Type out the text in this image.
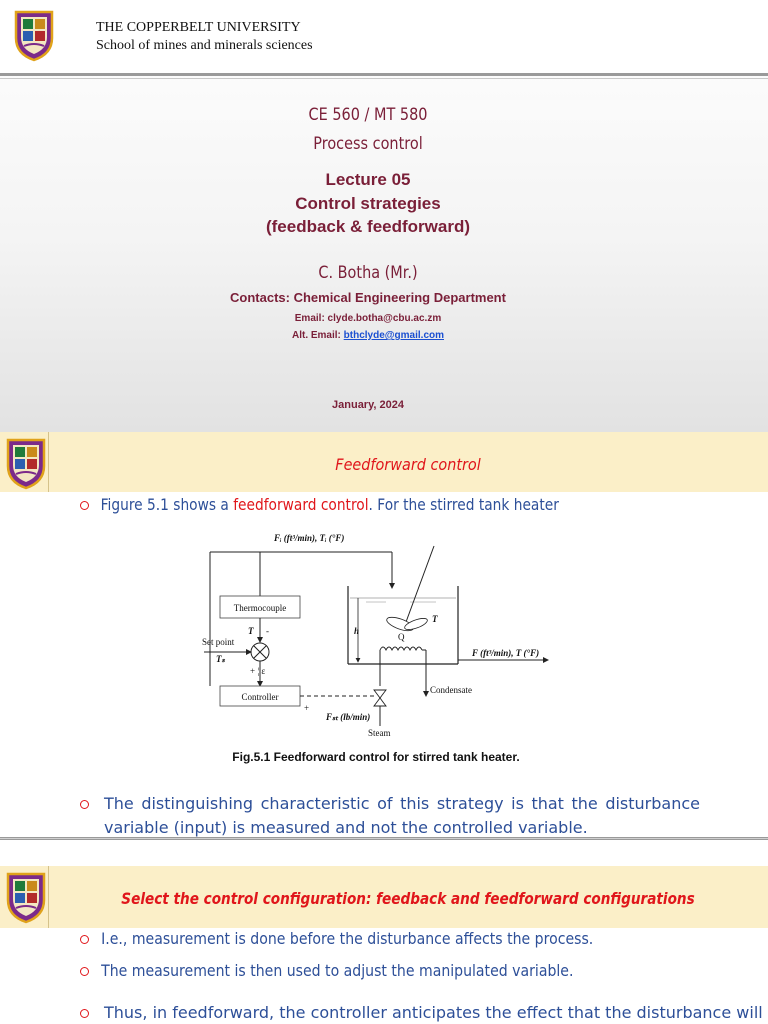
THE COPPERBELT UNIVERSITY
School of mines and minerals sciences
CE 560 / MT 580
Process control
Lecture 05
Control strategies
(feedback & feedforward)
C. Botha (Mr.)
Contacts: Chemical Engineering Department
Email: clyde.botha@cbu.ac.zm
Alt. Email: bthclyde@gmail.com
January, 2024
Feedforward control
Figure 5.1 shows a feedforward control. For the stirred tank heater
Fᵢ (ft³/min), Tᵢ (°F)
Thermocouple
T -
Set point
Tₛ
+ ¦ ε
Controller
+
h
T
Q
Condensate
F (ft³/min), T (°F)
Fₛₜ (lb/min)
Steam
Fig.5.1 Feedforward control for stirred tank heater.
The distinguishing characteristic of this strategy is that the disturbance variable (input) is measured and not the controlled variable.
Select the control configuration: feedback and feedforward configurations
I.e., measurement is done before the disturbance affects the process.
The measurement is then used to adjust the manipulated variable.
Thus, in feedforward, the controller anticipates the effect that the disturbance will
